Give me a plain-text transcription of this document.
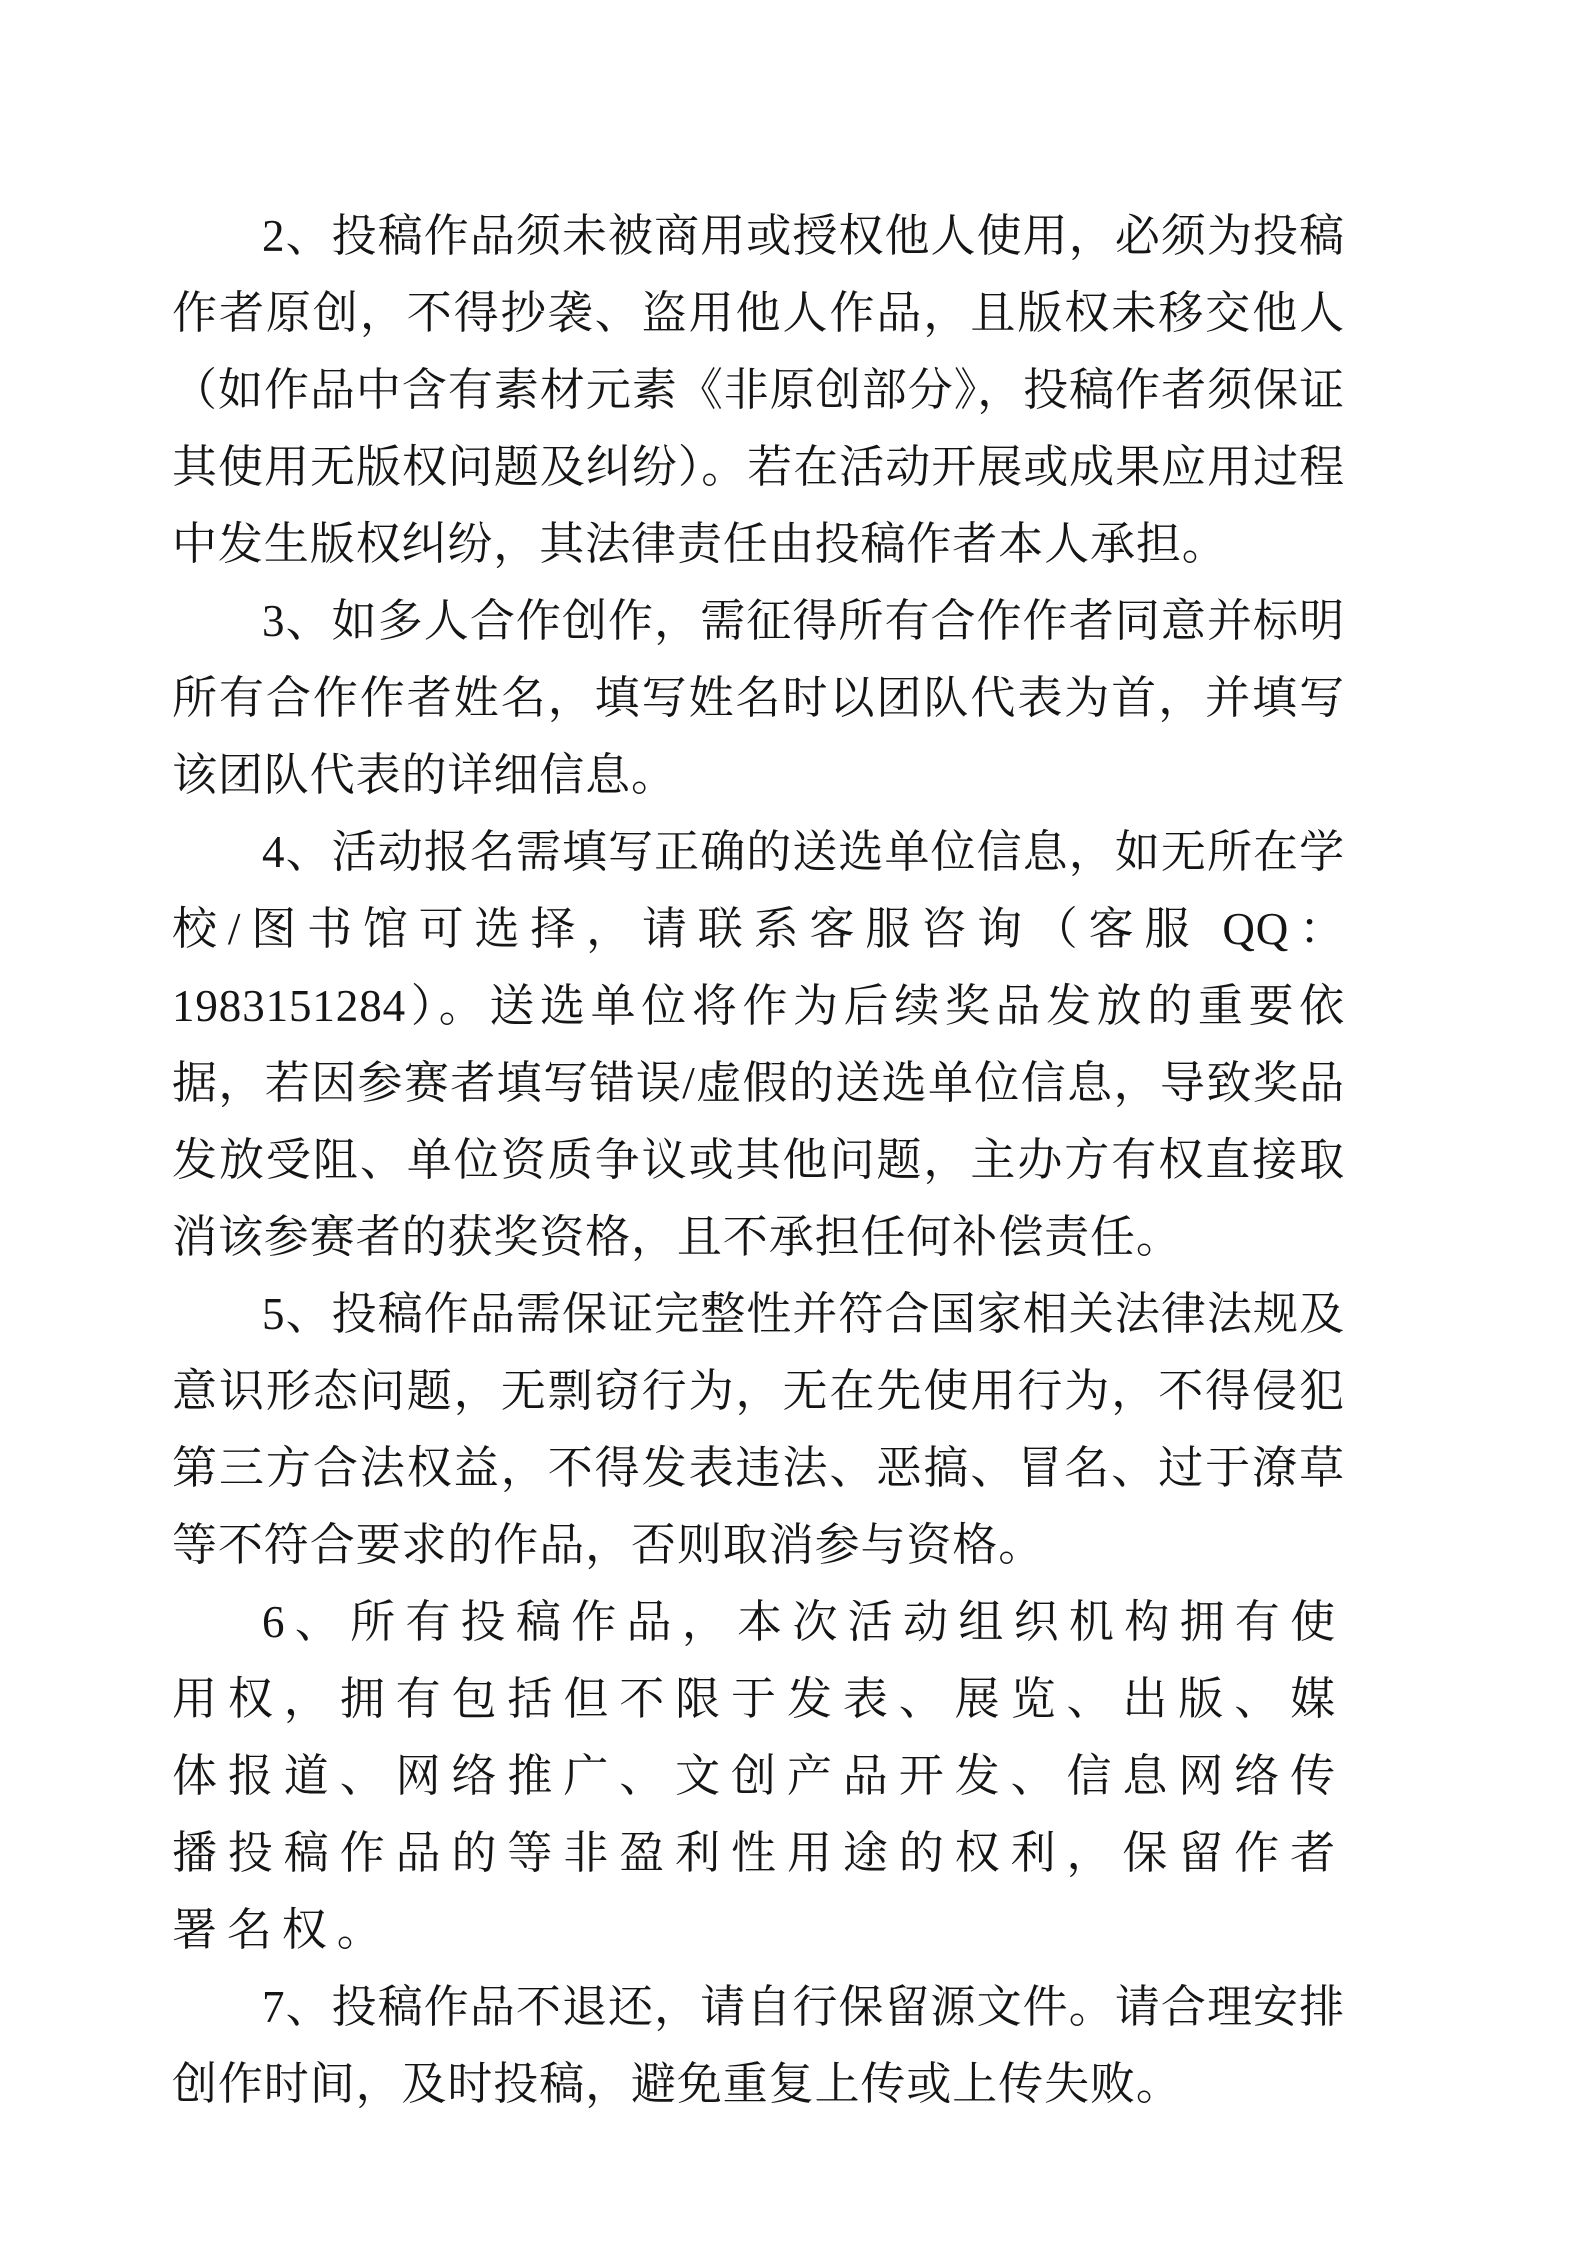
2、投稿作品须未被商用或授权他人使用，必须为投稿作者原创，不得抄袭、盗用他人作品，且版权未移交他人（如作品中含有素材元素《非原创部分》，投稿作者须保证其使用无版权问题及纠纷）。若在活动开展或成果应用过程中发生版权纠纷，其法律责任由投稿作者本人承担。

3、如多人合作创作，需征得所有合作作者同意并标明所有合作作者姓名，填写姓名时以团队代表为首，并填写该团队代表的详细信息。

4、活动报名需填写正确的送选单位信息，如无所在学校/图书馆可选择，请联系客服咨询（客服 QQ：1983151284）。送选单位将作为后续奖品发放的重要依据，若因参赛者填写错误/虚假的送选单位信息，导致奖品发放受阻、单位资质争议或其他问题，主办方有权直接取消该参赛者的获奖资格，且不承担任何补偿责任。

5、投稿作品需保证完整性并符合国家相关法律法规及意识形态问题，无剽窃行为，无在先使用行为，不得侵犯第三方合法权益，不得发表违法、恶搞、冒名、过于潦草等不符合要求的作品，否则取消参与资格。

6、所有投稿作品，本次活动组织机构拥有使用权，拥有包括但不限于发表、展览、出版、媒体报道、网络推广、文创产品开发、信息网络传播投稿作品的等非盈利性用途的权利，保留作者署名权。

7、投稿作品不退还，请自行保留源文件。请合理安排创作时间，及时投稿，避免重复上传或上传失败。
